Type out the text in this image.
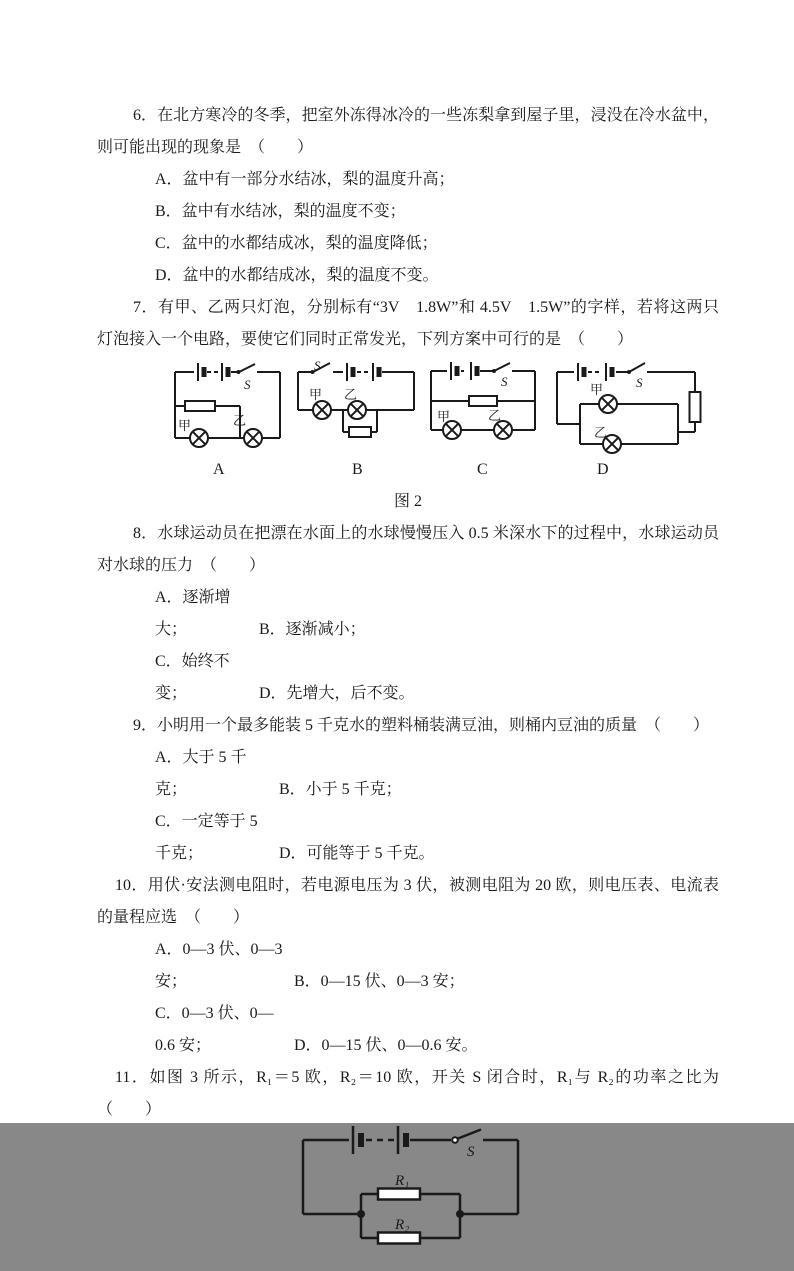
6．在北方寒冷的冬季，把室外冻得冰冷的一些冻梨拿到屋子里，浸没在冷水盆中，则可能出现的现象是　（　　）

A．盆中有一部分水结冰，梨的温度升高；

B．盆中有水结冰，梨的温度不变；

C．盆中的水都结成冰，梨的温度降低；

D．盆中的水都结成冰，梨的温度不变。

7．有甲、乙两只灯泡，分别标有“3V　1.8W”和 4.5V　1.5W”的字样，若将这两只灯泡接入一个电路，要使它们同时正常发光，下列方案中可行的是　（　　）

S
甲	乙

S
甲 乙

S
甲	乙

S
甲
乙
A	B	C	D

图 2

8．水球运动员在把漂在水面上的水球慢慢压入 0.5 米深水下的过程中，水球运动员对水球的压力　（　　）

A．逐渐增大；	B．逐渐减小；

C．始终不变；	D．先增大，后不变。

9．小明用一个最多能装 5 千克水的塑料桶装满豆油，则桶内豆油的质量　（　　）

A．大于 5 千克；	B．小于 5 千克；

C．一定等于 5 千克；	D．可能等于 5 千克。

10．用伏·安法测电阻时，若电源电压为 3 伏，被测电阻为 20 欧，则电压表、电流表的量程应选　（　　）

A．0—3 伏、0—3 安；	B．0—15 伏、0—3 安；

C．0—3 伏、0—0.6 安；	D．0—15 伏、0—0.6 安。

11．如图 3 所示，R₁＝5 欧，R₂＝10 欧，开关 S 闭合时，R₁与 R₂的功率之比为　（　　）

S
R₁
R₂
